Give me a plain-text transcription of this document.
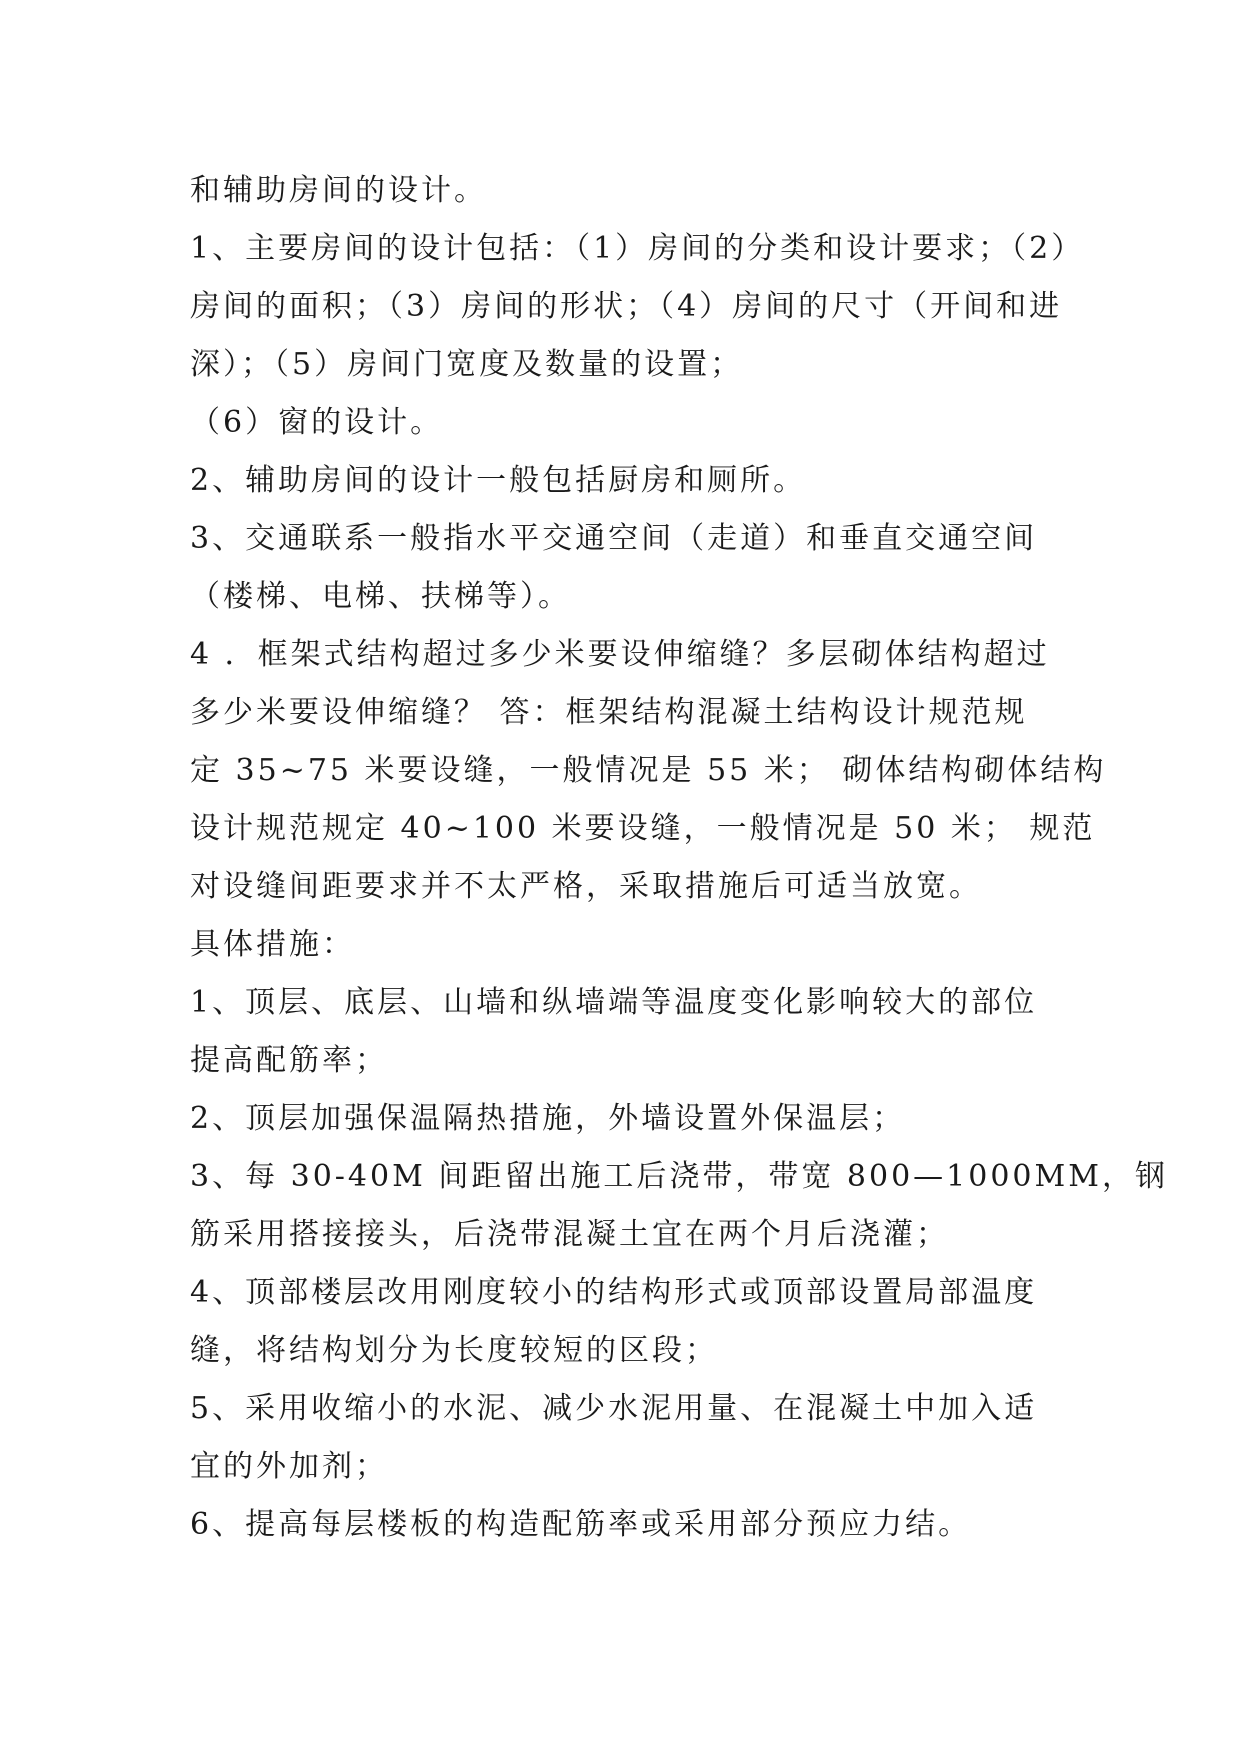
和辅助房间的设计。
1、主要房间的设计包括：（1）房间的分类和设计要求；（2）
房间的面积；（3）房间的形状；（4）房间的尺寸（开间和进
深）；（5）房间门宽度及数量的设置；
（6）窗的设计。
2、辅助房间的设计一般包括厨房和厕所。
3、交通联系一般指水平交通空间（走道）和垂直交通空间
（楼梯、电梯、扶梯等）。
4 ．框架式结构超过多少米要设伸缩缝？多层砌体结构超过
多少米要设伸缩缝？ 答：框架结构混凝土结构设计规范规
定 35~75 米要设缝，一般情况是 55 米； 砌体结构砌体结构
设计规范规定 40~100 米要设缝，一般情况是 50 米； 规范
对设缝间距要求并不太严格，采取措施后可适当放宽。
具体措施：
1、顶层、底层、山墙和纵墙端等温度变化影响较大的部位
提高配筋率；
2、顶层加强保温隔热措施，外墙设置外保温层；
3、每 30-40M 间距留出施工后浇带，带宽 800—1000MM，钢
筋采用搭接接头，后浇带混凝土宜在两个月后浇灌；
4、顶部楼层改用刚度较小的结构形式或顶部设置局部温度
缝，将结构划分为长度较短的区段；
5、采用收缩小的水泥、减少水泥用量、在混凝土中加入适
宜的外加剂；
6、提高每层楼板的构造配筋率或采用部分预应力结。
